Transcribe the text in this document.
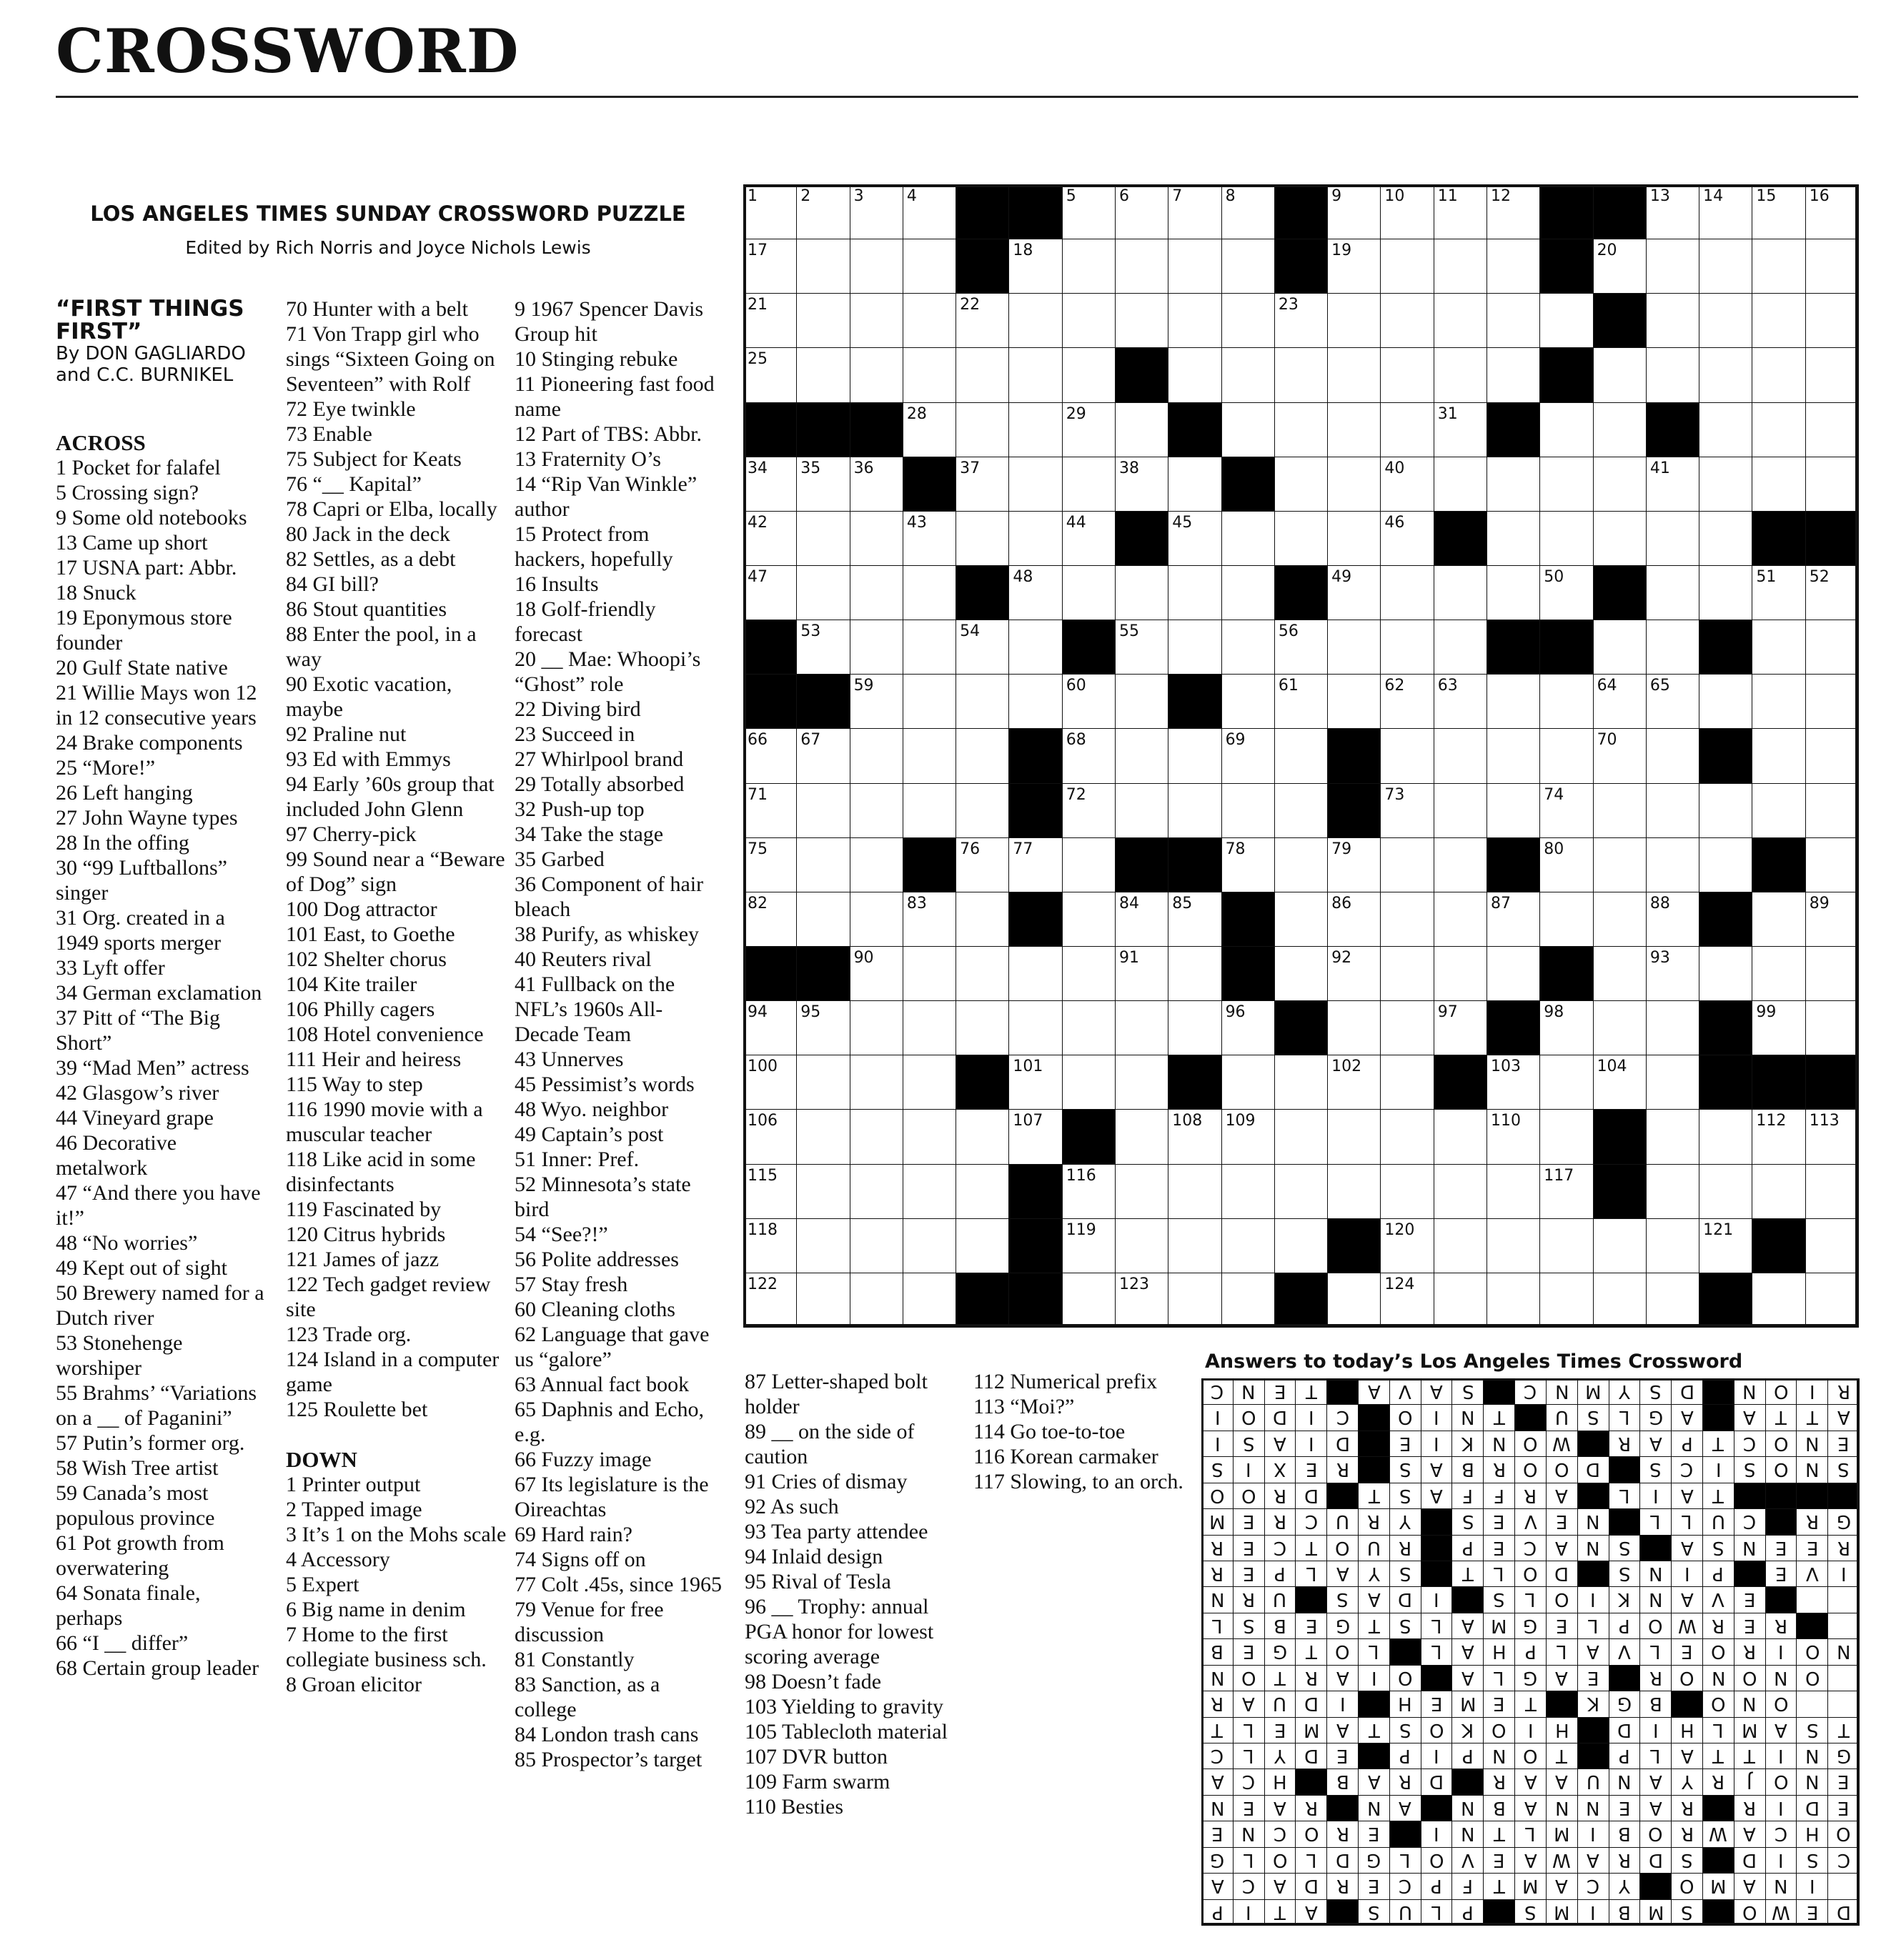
CROSSWORD
LOS ANGELES TIMES SUNDAY CROSSWORD PUZZLE
Edited by Rich Norris and Joyce Nichols Lewis
“FIRST THINGS FIRST”
By DON GAGLIARDO and C.C. BURNIKEL
ACROSS
1 Pocket for falafel
5 Crossing sign?
9 Some old notebooks
13 Came up short
17 USNA part: Abbr.
18 Snuck
19 Eponymous store founder
20 Gulf State native
21 Willie Mays won 12 in 12 consecutive years
24 Brake components
25 “More!”
26 Left hanging
27 John Wayne types
28 In the offing
30 “99 Luftballons” singer
31 Org. created in a 1949 sports merger
33 Lyft offer
34 German exclamation
37 Pitt of “The Big Short”
39 “Mad Men” actress
42 Glasgow’s river
44 Vineyard grape
46 Decorative metalwork
47 “And there you have it!”
48 “No worries”
49 Kept out of sight
50 Brewery named for a Dutch river
53 Stonehenge worshiper
55 Brahms’ “Variations on a __ of Paganini”
57 Putin’s former org.
58 Wish Tree artist
59 Canada’s most populous province
61 Pot growth from overwatering
64 Sonata finale, perhaps
66 “I __ differ”
68 Certain group leader
70 Hunter with a belt
71 Von Trapp girl who sings “Sixteen Going on Seventeen” with Rolf
72 Eye twinkle
73 Enable
75 Subject for Keats
76 “__ Kapital”
78 Capri or Elba, locally
80 Jack in the deck
82 Settles, as a debt
84 GI bill?
86 Stout quantities
88 Enter the pool, in a way
90 Exotic vacation, maybe
92 Praline nut
93 Ed with Emmys
94 Early ’60s group that included John Glenn
97 Cherry-pick
99 Sound near a “Beware of Dog” sign
100 Dog attractor
101 East, to Goethe
102 Shelter chorus
104 Kite trailer
106 Philly cagers
108 Hotel convenience
111 Heir and heiress
115 Way to step
116 1990 movie with a muscular teacher
118 Like acid in some disinfectants
119 Fascinated by
120 Citrus hybrids
121 James of jazz
122 Tech gadget review site
123 Trade org.
124 Island in a computer game
125 Roulette bet
DOWN
1 Printer output
2 Tapped image
3 It’s 1 on the Mohs scale
4 Accessory
5 Expert
6 Big name in denim
7 Home to the first collegiate business sch.
8 Groan elicitor
9 1967 Spencer Davis Group hit
10 Stinging rebuke
11 Pioneering fast food name
12 Part of TBS: Abbr.
13 Fraternity O’s
14 “Rip Van Winkle” author
15 Protect from hackers, hopefully
16 Insults
18 Golf-friendly forecast
20 __ Mae: Whoopi’s “Ghost” role
22 Diving bird
23 Succeed in
27 Whirlpool brand
29 Totally absorbed
32 Push-up top
34 Take the stage
35 Garbed
36 Component of hair bleach
38 Purify, as whiskey
40 Reuters rival
41 Fullback on the NFL’s 1960s All-Decade Team
43 Unnerves
45 Pessimist’s words
48 Wyo. neighbor
49 Captain’s post
51 Inner: Pref.
52 Minnesota’s state bird
54 “See?!”
56 Polite addresses
57 Stay fresh
60 Cleaning cloths
62 Language that gave us “galore”
63 Annual fact book
65 Daphnis and Echo, e.g.
66 Fuzzy image
67 Its legislature is the Oireachtas
69 Hard rain?
74 Signs off on
77 Colt .45s, since 1965
79 Venue for free discussion
81 Constantly
83 Sanction, as a college
84 London trash cans
85 Prospector’s target
87 Letter-shaped bolt holder
89 __ on the side of caution
91 Cries of dismay
92 As such
93 Tea party attendee
94 Inlaid design
95 Rival of Tesla
96 __ Trophy: annual PGA honor for lowest scoring average
98 Doesn’t fade
103 Yielding to gravity
105 Tablecloth material
107 DVR button
109 Farm swarm
110 Besties
112 Numerical prefix
113 “Moi?”
114 Go toe-to-toe
116 Korean carmaker
117 Slowing, to an orch.
1	2	3	4	5	6	7	8	9	10 11 12	13 14 15 16
17	18	19	20
21	22	23
25
28	29	31
34 35 36	37	38	40	41
42	43	44	45	46
47	48	49	50	51 52
53	54	55	56
59	60	61	62 63	64 65
66 67	68	69	70
71	72	73	74
75	76 77	78	79	80
82	83	84 85	86	87	88	89
90	91	92	93
94 95	96	97	98	99
100	101	102	103	104
106	107	108 109	110	112 113
115	116	117
118	119	120	121
122	123	124
Answers to today’s Los Angeles Times Crossword
C N E	T	A	V	A	S	C N M Y	S D	N O	I	R
I	O D	I	C	O	I	N	T	U	S	L	G A	A	T	T	A
I	S	A	I	D	E	I	K N O W	R A	P	T	C O N E
S	I	X	E	R	S	A B R O O D	S	C	I	S O N S
O O R D	T	S	A	F	F	R A	L	I	A	T
M E	R C U R	Y	S	E	V	E N	L	L	U C	R G
R	E	C	T O U R	P	E	C A N S	A	S N E	E	R
R	E	P	L	A	Y	S	T	L	O D	S N	I	P	E	V	I
N R U	S	A D	I	S	L	O	I	K N A	V	E
L	S	B	E G T	S	L	A M G E	L	P O W R	E	R
B	E G T O	L	L	A H	P	L	A	V	L	E O R	I	O N
N O T	R A	I	O	A	L	G A	E	R O N O N O
R A U D	I	H E M E	T	K G B	O N O
T	L	E M A	T	S O K O	I	H	D	I	H	L M A	S	T
C	L	Y D E	P	I	P	N O T	P	L	A	T	T	I	N G
A C H	B	A R D	R A	A U N A	Y	R	J	O N E
N E	A R	N A	N B	A N N E	A R	R	I	D E
E N C O R	E	I	N	T	L M	I	B O R W A C H O
G	L	O	L	D G	L	O V	E	A W A R D S	D	I	S	C
A C A D R	E	C	P	F	T M A C	Y	O M A N	I
P	I	T	A	S	U	L	P	S M	I	B M S	O W E D
